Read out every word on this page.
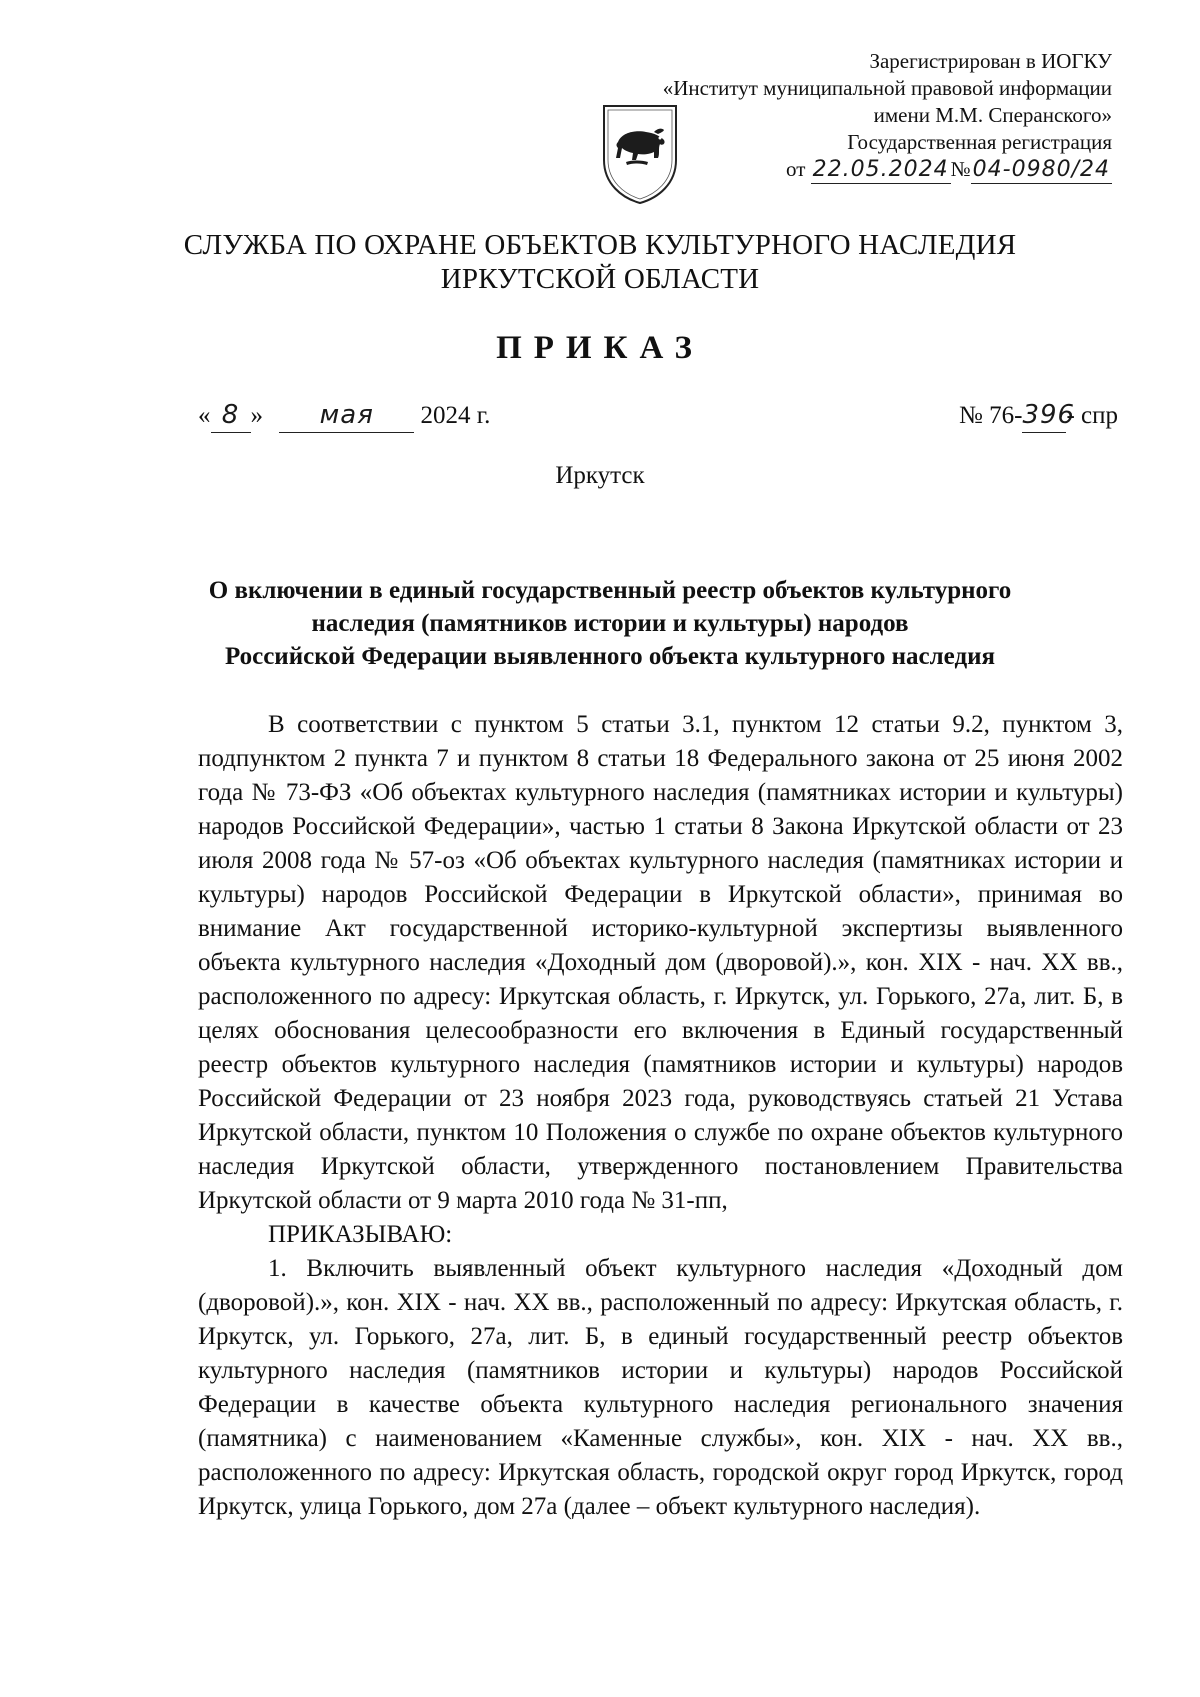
Зарегистрирован в ИОГКУ
«Институт муниципальной правовой информации
имени М.М. Сперанского»
Государственная регистрация
от 22.05.2024№04-0980/24
СЛУЖБА ПО ОХРАНЕ ОБЪЕКТОВ КУЛЬТУРНОГО НАСЛЕДИЯ
ИРКУТСКОЙ ОБЛАСТИ
ПРИКАЗ
« 8 » мая 2024 г.	№ 76-396- спр
Иркутск
О включении в единый государственный реестр объектов культурного
наследия (памятников истории и культуры) народов
Российской Федерации выявленного объекта культурного наследия

В соответствии с пунктом 5 статьи 3.1, пунктом 12 статьи 9.2, пунктом 3, подпунктом 2 пункта 7 и пунктом 8 статьи 18 Федерального закона от 25 июня 2002 года № 73-ФЗ «Об объектах культурного наследия (памятниках истории и культуры) народов Российской Федерации», частью 1 статьи 8 Закона Иркутской области от 23 июля 2008 года № 57-оз «Об объектах культурного наследия (памятниках истории и культуры) народов Российской Федерации в Иркутской области», принимая во внимание Акт государственной историко-культурной экспертизы выявленного объекта культурного наследия «Доходный дом (дворовой).», кон. XIX - нач. XX вв., расположенного по адресу: Иркутская область, г. Иркутск, ул. Горького, 27а, лит. Б, в целях обоснования целесообразности его включения в Единый государственный реестр объектов культурного наследия (памятников истории и культуры) народов Российской Федерации от 23 ноября 2023 года, руководствуясь статьей 21 Устава Иркутской области, пунктом 10 Положения о службе по охране объектов культурного наследия Иркутской области, утвержденного постановлением Правительства Иркутской области от 9 марта 2010 года № 31-пп,

ПРИКАЗЫВАЮ:

1. Включить выявленный объект культурного наследия «Доходный дом (дворовой).», кон. XIX - нач. XX вв., расположенный по адресу: Иркутская область, г. Иркутск, ул. Горького, 27а, лит. Б, в единый государственный реестр объектов культурного наследия (памятников истории и культуры) народов Российской Федерации в качестве объекта культурного наследия регионального значения (памятника) с наименованием «Каменные службы», кон. XIX - нач. XX вв., расположенного по адресу: Иркутская область, городской округ город Иркутск, город Иркутск, улица Горького, дом 27а (далее – объект культурного наследия).
